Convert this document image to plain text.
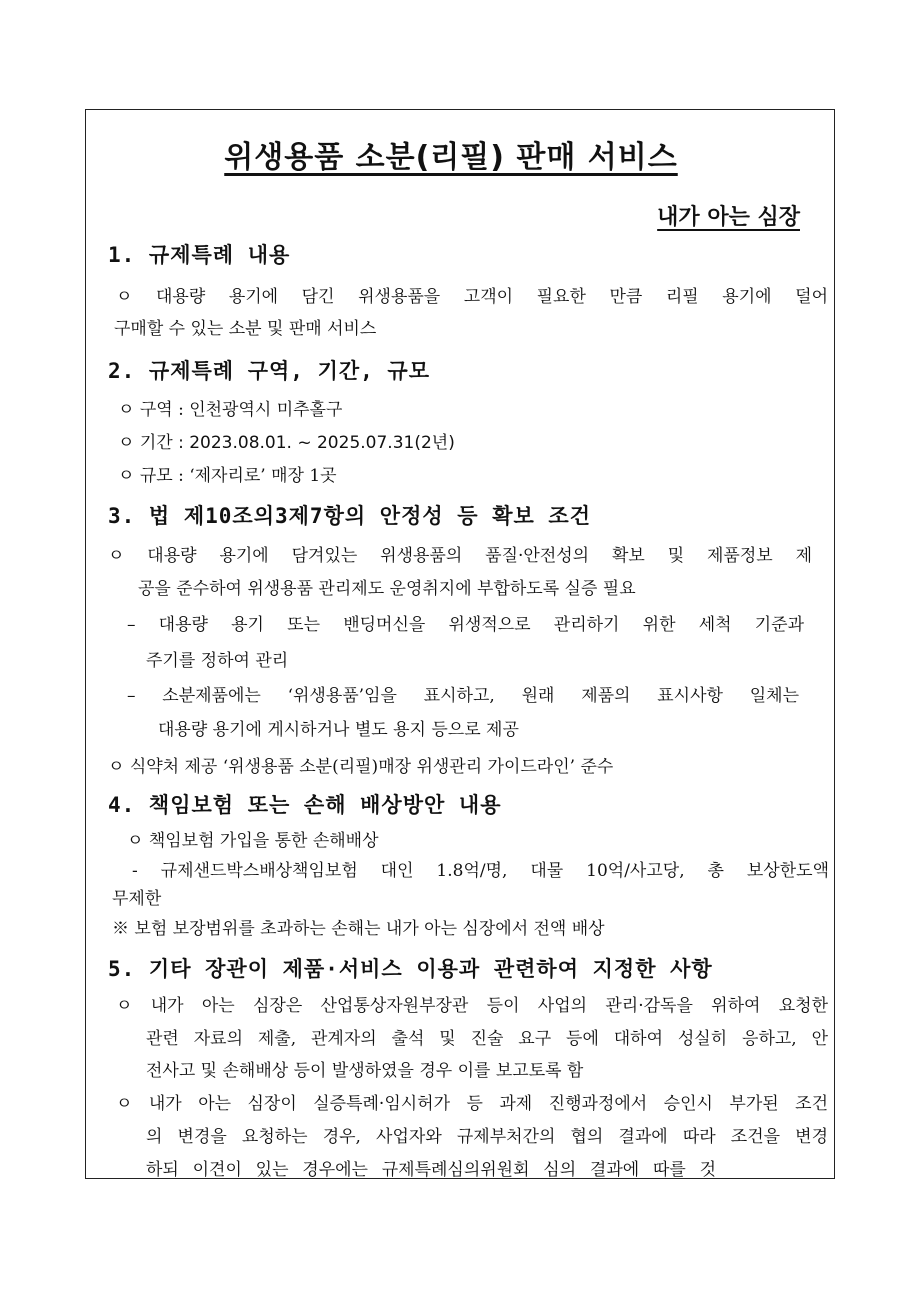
위생용품 소분(리필) 판매 서비스
내가 아는 심장
1. 규제특례 내용
ㅇ 대용량 용기에 담긴 위생용품을 고객이 필요한 만큼 리필 용기에 덜어
구매할 수 있는 소분 및 판매 서비스
2. 규제특례 구역, 기간, 규모
ㅇ 구역 : 인천광역시 미추홀구
ㅇ 기간 : 2023.08.01. ~ 2025.07.31(2년)
ㅇ 규모 : ‘제자리로’ 매장 1곳
3. 법 제10조의3제7항의 안정성 등 확보 조건
ㅇ 대용량 용기에 담겨있는 위생용품의 품질·안전성의 확보 및 제품정보 제
공을 준수하여 위생용품 관리제도 운영취지에 부합하도록 실증 필요
– 대용량 용기 또는 밴딩머신을 위생적으로 관리하기 위한 세척 기준과
주기를 정하여 관리
– 소분제품에는 ‘위생용품’임을 표시하고, 원래 제품의 표시사항 일체는
대용량 용기에 게시하거나 별도 용지 등으로 제공
ㅇ 식약처 제공 ‘위생용품 소분(리필)매장 위생관리 가이드라인’ 준수
4. 책임보험 또는 손해 배상방안 내용
ㅇ 책임보험 가입을 통한 손해배상
- 규제샌드박스배상책임보험 대인 1.8억/명, 대물 10억/사고당, 총 보상한도액
무제한
※ 보험 보장범위를 초과하는 손해는 내가 아는 심장에서 전액 배상
5. 기타 장관이 제품·서비스 이용과 관련하여 지정한 사항
ㅇ 내가 아는 심장은 산업통상자원부장관 등이 사업의 관리·감독을 위하여 요청한
관련 자료의 제출, 관계자의 출석 및 진술 요구 등에 대하여 성실히 응하고, 안
전사고 및 손해배상 등이 발생하였을 경우 이를 보고토록 함
ㅇ 내가 아는 심장이 실증특례·임시허가 등 과제 진행과정에서 승인시 부가된 조건
의 변경을 요청하는 경우, 사업자와 규제부처간의 협의 결과에 따라 조건을 변경
하되 이견이 있는 경우에는 규제특례심의위원회 심의 결과에 따를 것
